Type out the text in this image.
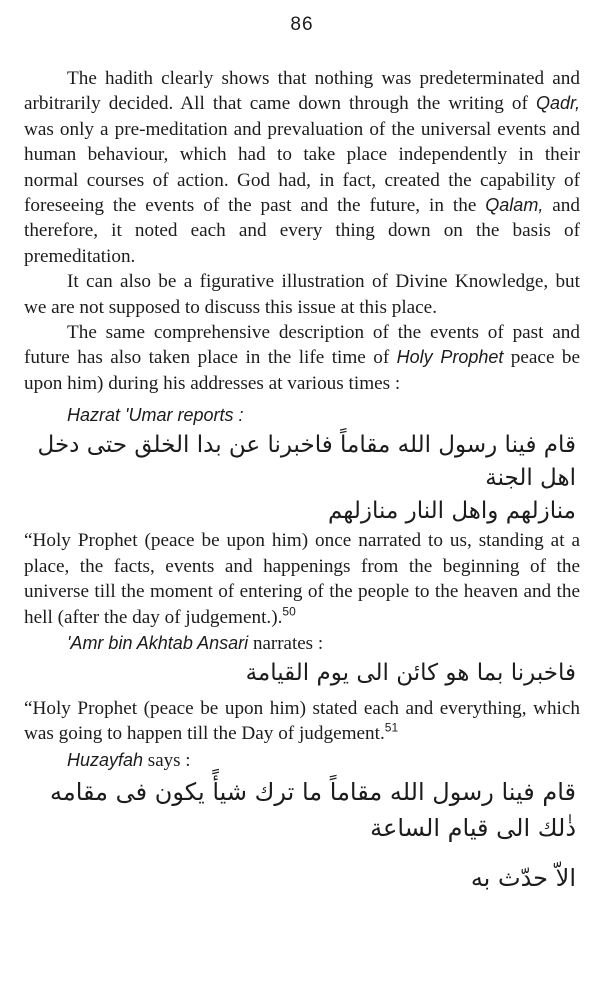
86

The hadith clearly shows that nothing was predeterminated and arbitrarily decided. All that came down through the writing of Qadr, was only a pre-meditation and prevaluation of the universal events and human behaviour, which had to take place independently in their normal courses of action. God had, in fact, created the capability of foreseeing the events of the past and the future, in the Qalam, and therefore, it noted each and every thing down on the basis of premeditation.

It can also be a figurative illustration of Divine Knowledge, but we are not supposed to discuss this issue at this place.

The same comprehensive description of the events of past and future has also taken place in the life time of Holy Prophet peace be upon him) during his addresses at various times :

Hazrat 'Umar reports :
قام فينا رسول الله مقاماً فاخبرنا عن بدا الخلق حتى دخل اهل الجنة
منازلهم واهل النار منازلهم

“Holy Prophet (peace be upon him) once narrated to us, standing at a place, the facts, events and happenings from the beginning of the universe till the moment of entering of the people to the heaven and the hell (after the day of judgement.).$^{50}$

'Amr bin Akhtab Ansari narrates :
فاخبرنا بما هو كائن الى يوم القيامة

“Holy Prophet (peace be upon him) stated each and everything, which was going to happen till the Day of judgement.$^{51}$

Huzayfah says :
قام فينا رسول الله مقاماً ما ترك شيأً يكون فى مقامه ذٰلك الى قيام الساعة
الاّ حدّث به
